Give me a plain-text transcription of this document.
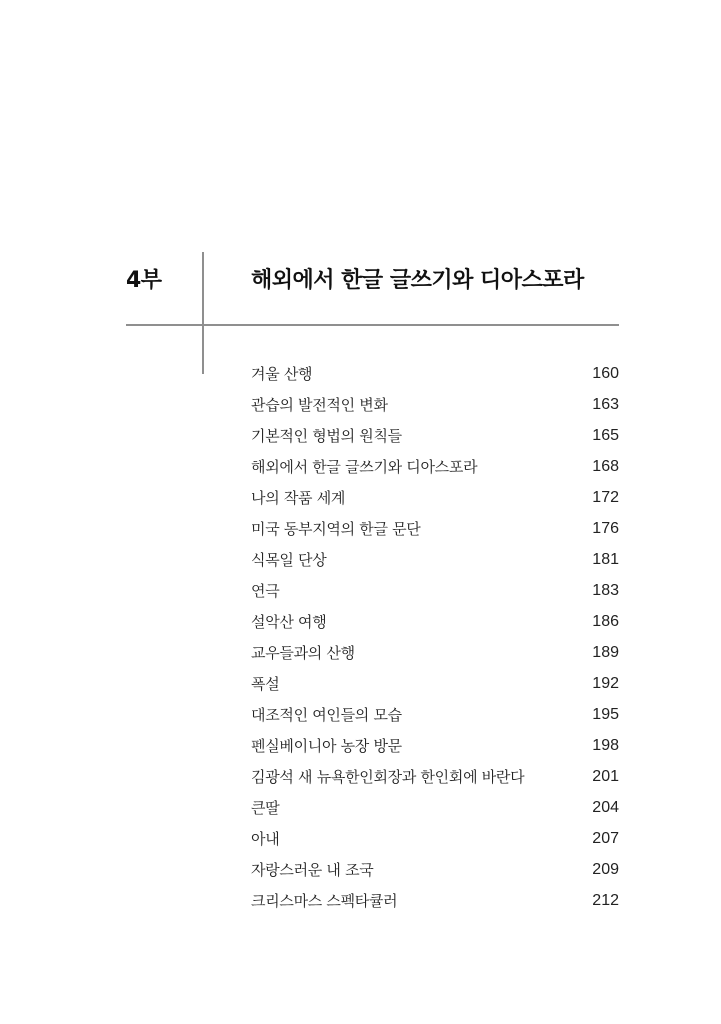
4부	해외에서 한글 글쓰기와 디아스포라
겨울 산행	160
관습의 발전적인 변화	163
기본적인 형법의 원칙들	165
해외에서 한글 글쓰기와 디아스포라	168
나의 작품 세계	172
미국 동부지역의 한글 문단	176
식목일 단상	181
연극	183
설악산 여행	186
교우들과의 산행	189
폭설	192
대조적인 여인들의 모습	195
펜실베이니아 농장 방문	198
김광석 새 뉴욕한인회장과 한인회에 바란다	201
큰딸	204
아내	207
자랑스러운 내 조국	209
크리스마스 스펙타큘러	212
